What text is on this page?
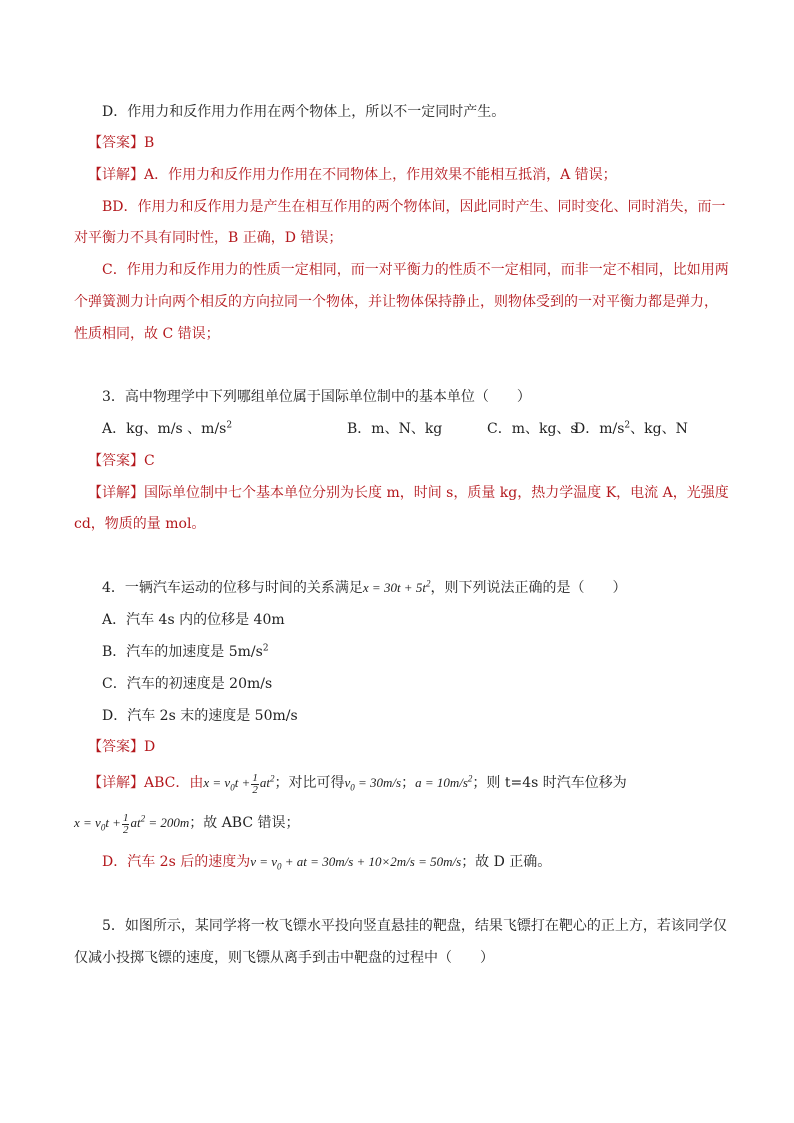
D．作用力和反作用力作用在两个物体上，所以不一定同时产生。
【答案】B
【详解】A．作用力和反作用力作用在不同物体上，作用效果不能相互抵消，A 错误；
BD．作用力和反作用力是产生在相互作用的两个物体间，因此同时产生、同时变化、同时消失，而一
对平衡力不具有同时性，B 正确，D 错误；
C．作用力和反作用力的性质一定相同，而一对平衡力的性质不一定相同，而非一定不相同，比如用两
个弹簧测力计向两个相反的方向拉同一个物体，并让物体保持静止，则物体受到的一对平衡力都是弹力，
性质相同，故 C 错误；
3．高中物理学中下列哪组单位属于国际单位制中的基本单位（　　）
A．kg、m/s 、$m/s^2$	B．m、N、kg	C．m、kg、s
D．$m/s^2$、kg、N
【答案】C
【详解】国际单位制中七个基本单位分别为长度 m，时间 s，质量 kg，热力学温度 K，电流 A，光强度
cd，物质的量 mol。
4．一辆汽车运动的位移与时间的关系满足$x = 30t + 5t^2$，则下列说法正确的是（　　）
A．汽车 4s 内的位移是 40m
B．汽车的加速度是 $5m/s^2$
C．汽车的初速度是 20m/s
D．汽车 2s 末的速度是 50m/s
【答案】D
【详解】ABC．由$x = v_0t + \frac{1}{2} at^2$；对比可得$v_0 = 30m/s$；$a = 10m/s^2$；则 t=4s 时汽车位移为
$x = v_0t + \frac{1}{2} at^2 = 200m$；故 ABC 错误；
D．汽车 2s 后的速度为$v = v_0$ + at = 30m/s + 10×2m/s = 50m/s；故 D 正确。
5．如图所示，某同学将一枚飞镖水平投向竖直悬挂的靶盘，结果飞镖打在靶心的正上方，若该同学仅
仅减小投掷飞镖的速度，则飞镖从离手到击中靶盘的过程中（　　）
